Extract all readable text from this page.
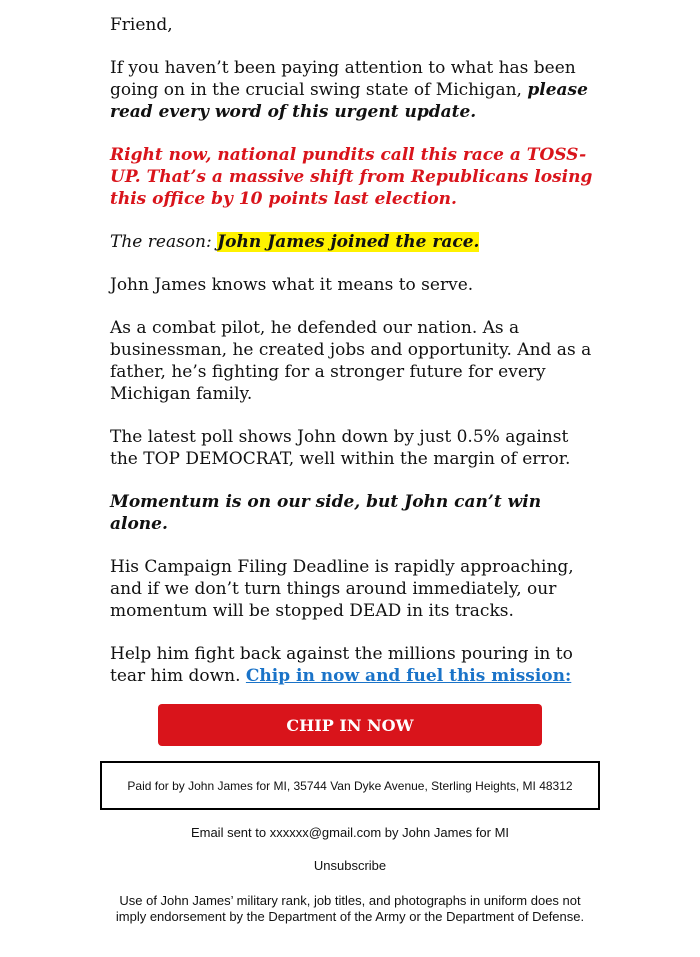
Friend,

If you haven’t been paying attention to what has been going on in the crucial swing state of Michigan, please read every word of this urgent update.

Right now, national pundits call this race a TOSS-UP. That’s a massive shift from Republicans losing this office by 10 points last election.

The reason: John James joined the race.

John James knows what it means to serve.

As a combat pilot, he defended our nation. As a businessman, he created jobs and opportunity. And as a father, he’s fighting for a stronger future for every Michigan family.

The latest poll shows John down by just 0.5% against the TOP DEMOCRAT, well within the margin of error.

Momentum is on our side, but John can’t win alone.

His Campaign Filing Deadline is rapidly approaching, and if we don’t turn things around immediately, our momentum will be stopped DEAD in its tracks.

Help him fight back against the millions pouring in to tear him down. Chip in now and fuel this mission:

CHIP IN NOW
Paid for by John James for MI, 35744 Van Dyke Avenue, Sterling Heights, MI 48312
Email sent to xxxxxx@gmail.com by John James for MI
Unsubscribe
Use of John James’ military rank, job titles, and photographs in uniform does not imply endorsement by the Department of the Army or the Department of Defense.
